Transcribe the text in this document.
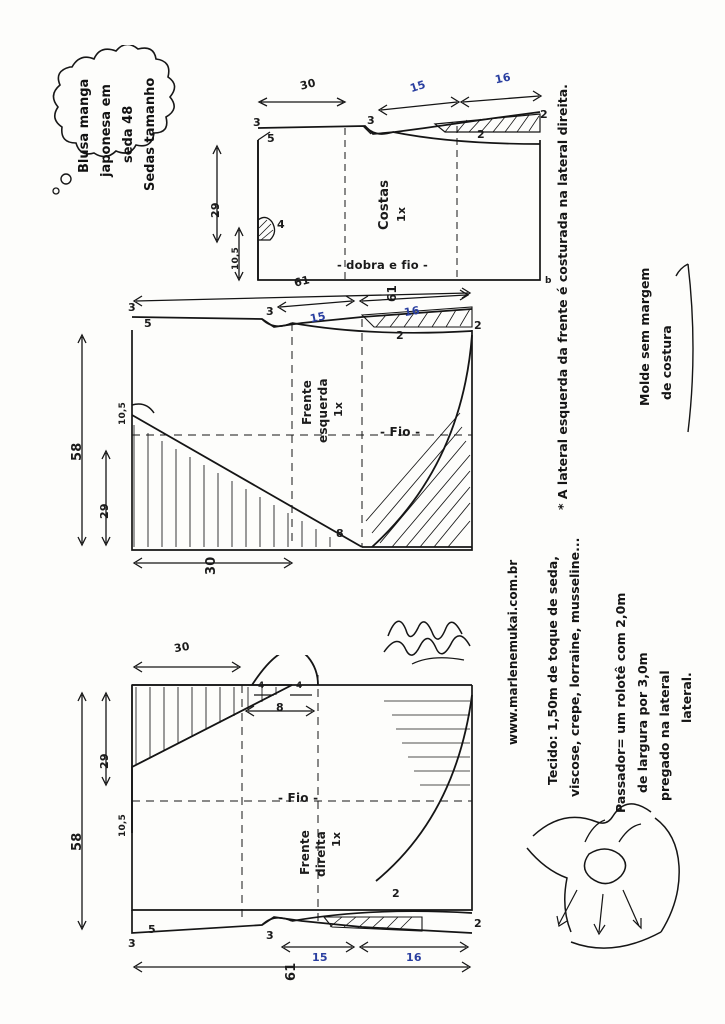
Blusa manga japonesa em seda 48 Sedas tamanho	30
3
5
3
15	16
2
2
29
10,5
4
61
b
Costas 1x
- dobra e fio -
* A lateral esquerda da frente é costurada na lateral direita.	Molde sem margem de costura
3
5
3
61
15	16
2
2
58
29
10,5
30
8
Frente esquerda 1x
- Fio -
30
58
29
10,5
8
4	4
Frente direita 1x
- Fio -
3
5	3
15	16
2
2
61
www.marlenemukai.com.br Tecido: 1,50m de toque de seda, viscose, crepe, lorraine, musseline... Passador= um rolotê com 2,0m de largura por 3,0m pregado na lateral lateral.
